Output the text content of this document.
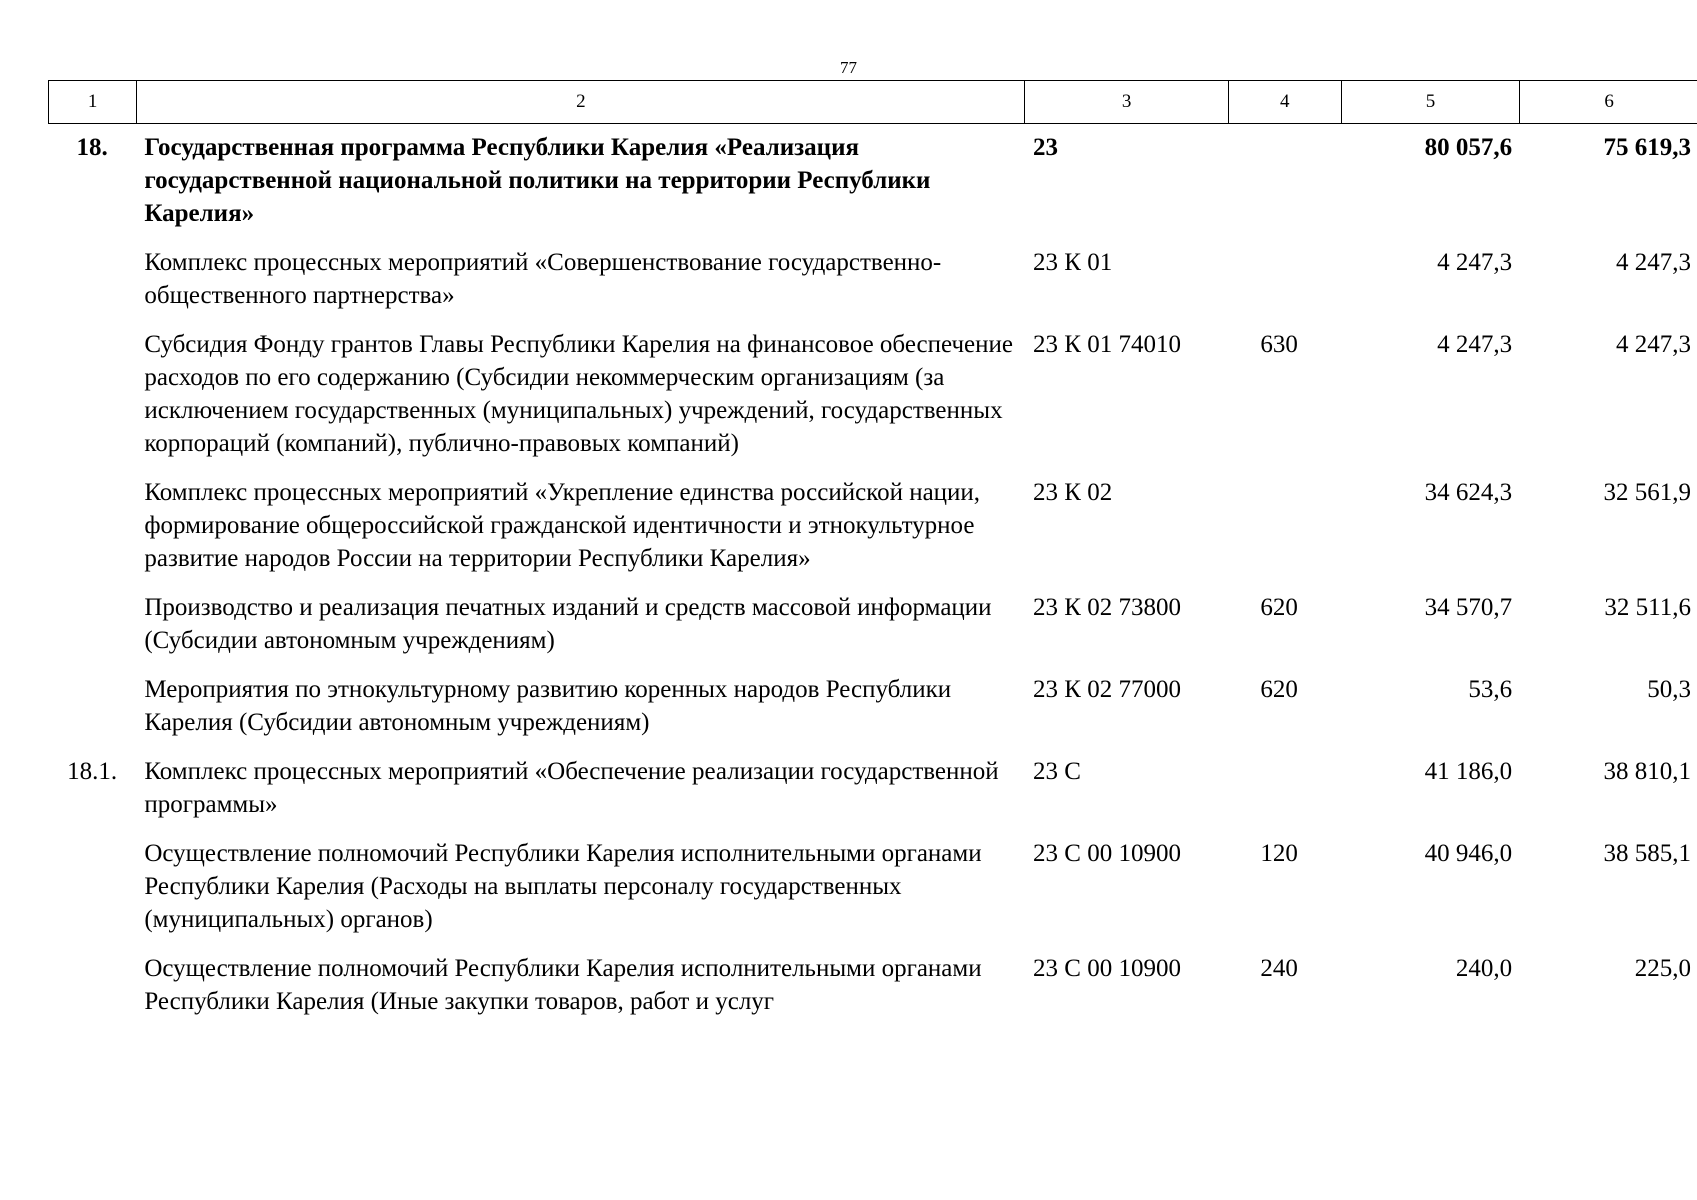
77
1	2	3	4	5	6
18.	Государственная программа Республики Карелия «Реализация государственной национальной политики на территории Республики Карелия»	23		80 057,6	75 619,3
	Комплекс процессных мероприятий «Совершенствование государственно-общественного партнерства»	23 К 01		4 247,3	4 247,3
	Субсидия Фонду грантов Главы Республики Карелия на финансовое обеспечение расходов по его содержанию (Субсидии некоммерческим организациям (за исключением государственных (муниципальных) учреждений, государственных корпораций (компаний), публично-правовых компаний)	23 К 01 74010	630	4 247,3	4 247,3
	Комплекс процессных мероприятий «Укрепление единства российской нации, формирование общероссийской гражданской идентичности и этнокультурное развитие народов России на территории Республики Карелия»	23 К 02		34 624,3	32 561,9
	Производство и реализация печатных изданий и средств массовой информации (Субсидии автономным учреждениям)	23 К 02 73800	620	34 570,7	32 511,6
	Мероприятия по этнокультурному развитию коренных народов Республики Карелия (Субсидии автономным учреждениям)	23 К 02 77000	620	53,6	50,3
18.1.	Комплекс процессных мероприятий «Обеспечение реализации государственной программы»	23 С		41 186,0	38 810,1
	Осуществление полномочий Республики Карелия исполнительными органами Республики Карелия (Расходы на выплаты персоналу государственных (муниципальных) органов)	23 С 00 10900	120	40 946,0	38 585,1
	Осуществление полномочий Республики Карелия исполнительными органами Республики Карелия (Иные закупки товаров, работ и услуг	23 С 00 10900	240	240,0	225,0
